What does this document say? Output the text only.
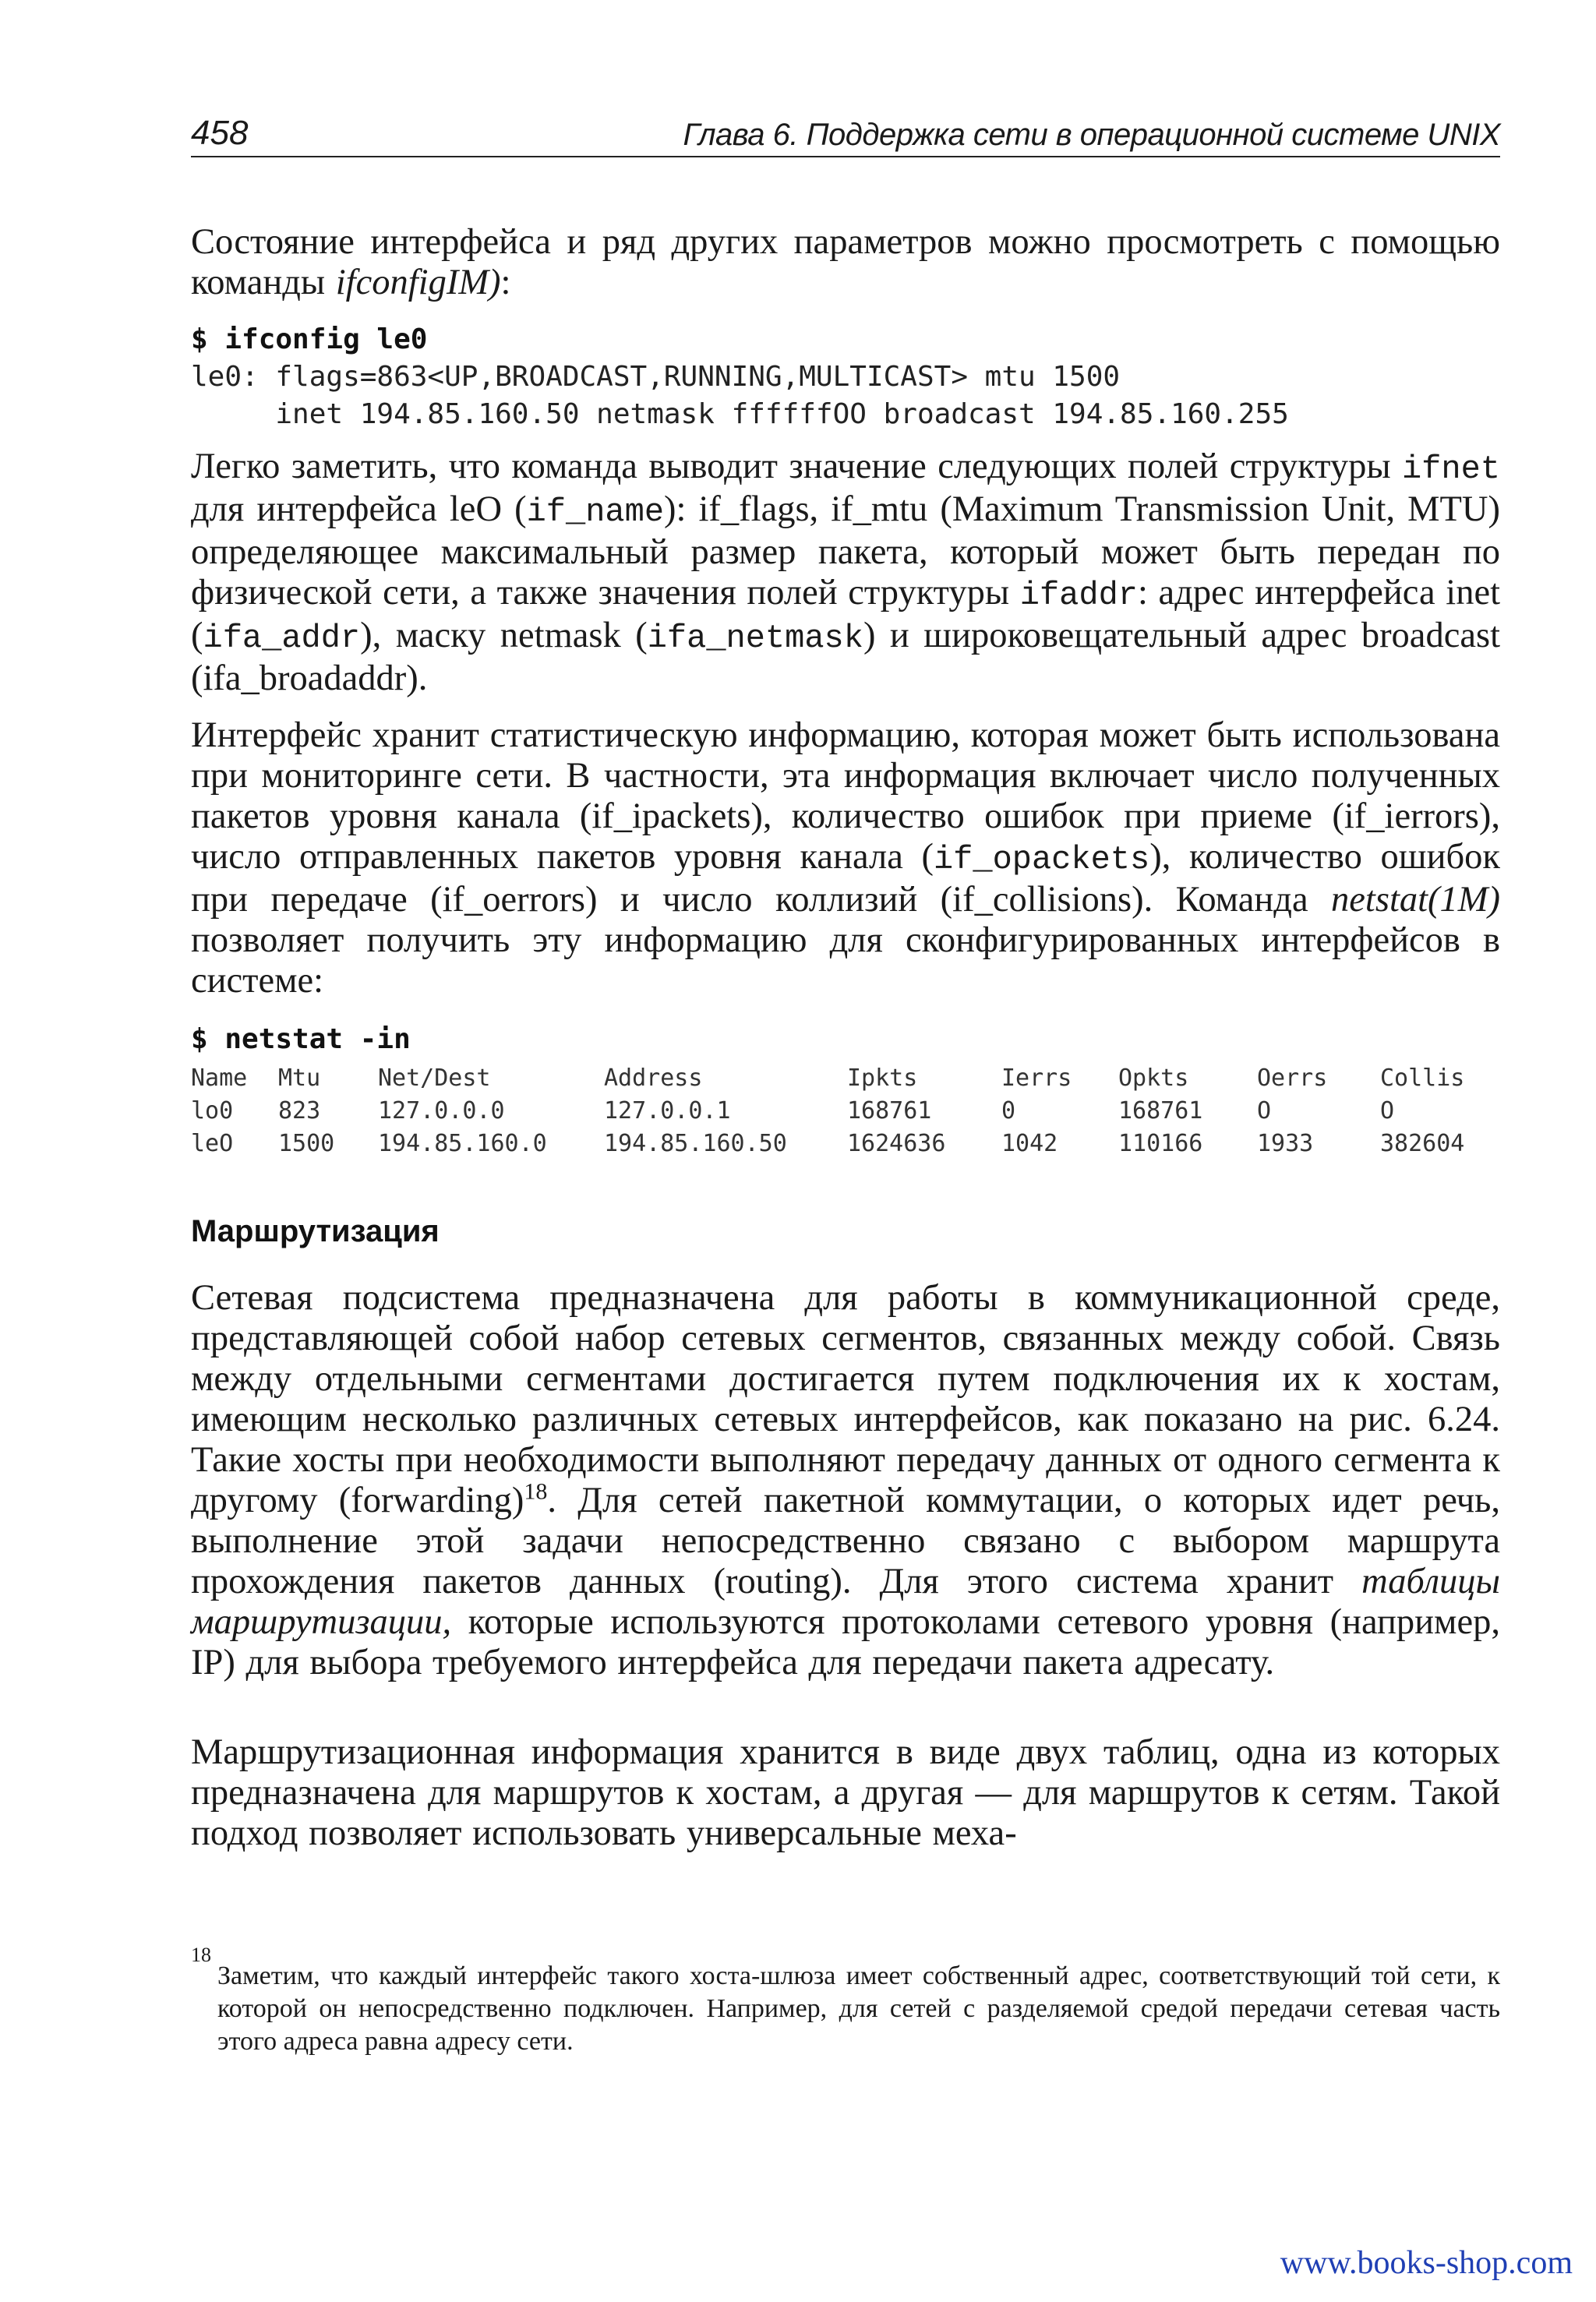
458	Глава 6. Поддержка сети в операционной системе UNIX

Состояние интерфейса и ряд других параметров можно просмотреть с помощью команды ifconfigIM):

$ ifconfig le0
le0: flags=863<UP,BROADCAST,RUNNING,MULTICAST> mtu 1500
inet 194.85.160.50 netmask ffffffOO broadcast 194.85.160.255

Легко заметить, что команда выводит значение следующих полей структуры ifnet для интерфейса leO (if_name): if_flags, if_mtu (Maximum Transmission Unit, MTU) определяющее максимальный размер пакета, который может быть передан по физической сети, а также значения полей структуры ifaddr: адрес интерфейса inet (ifa_addr), маску netmask (ifa_netmask) и широковещательный адрес broadcast (ifa_broadaddr).

Интерфейс хранит статистическую информацию, которая может быть использована при мониторинге сети. В частности, эта информация включает число полученных пакетов уровня канала (if_ipackets), количество ошибок при приеме (if_ierrors), число отправленных пакетов уровня канала (if_opackets), количество ошибок при передаче (if_oerrors) и число коллизий (if_collisions). Команда netstat(1M) позволяет получить эту информацию для сконфигурированных интерфейсов в системе:

$ netstat -in
Name	Mtu	Net/Dest	Address	Ipkts	Ierrs	Opkts	Oerrs	Collis
lo0	823	127.0.0.0	127.0.0.1	168761	0	168761	O	O
leO	1500	194.85.160.0	194.85.160.50	1624636	1042	110166	1933	382604
Маршрутизация

Сетевая подсистема предназначена для работы в коммуникационной среде, представляющей собой набор сетевых сегментов, связанных между собой. Связь между отдельными сегментами достигается путем подключения их к хостам, имеющим несколько различных сетевых интерфейсов, как показано на рис. 6.24. Такие хосты при необходимости выполняют передачу данных от одного сегмента к другому (forwarding)$^{18}$. Для сетей пакетной коммутации, о которых идет речь, выполнение этой задачи непосредственно связано с выбором маршрута прохождения пакетов данных (routing). Для этого система хранит таблицы маршрутизации, которые используются протоколами сетевого уровня (например, IP) для выбора требуемого интерфейса для передачи пакета адресату.

Маршрутизационная информация хранится в виде двух таблиц, одна из которых предназначена для маршрутов к хостам, а другая — для маршрутов к сетям. Такой подход позволяет использовать универсальные меха-

18
Заметим, что каждый интерфейс такого хоста-шлюза имеет собственный адрес, соответствующий той сети, к которой он непосредственно подключен. Например, для сетей с разделяемой средой передачи сетевая часть этого адреса равна адресу сети.
www.books-shop.com
